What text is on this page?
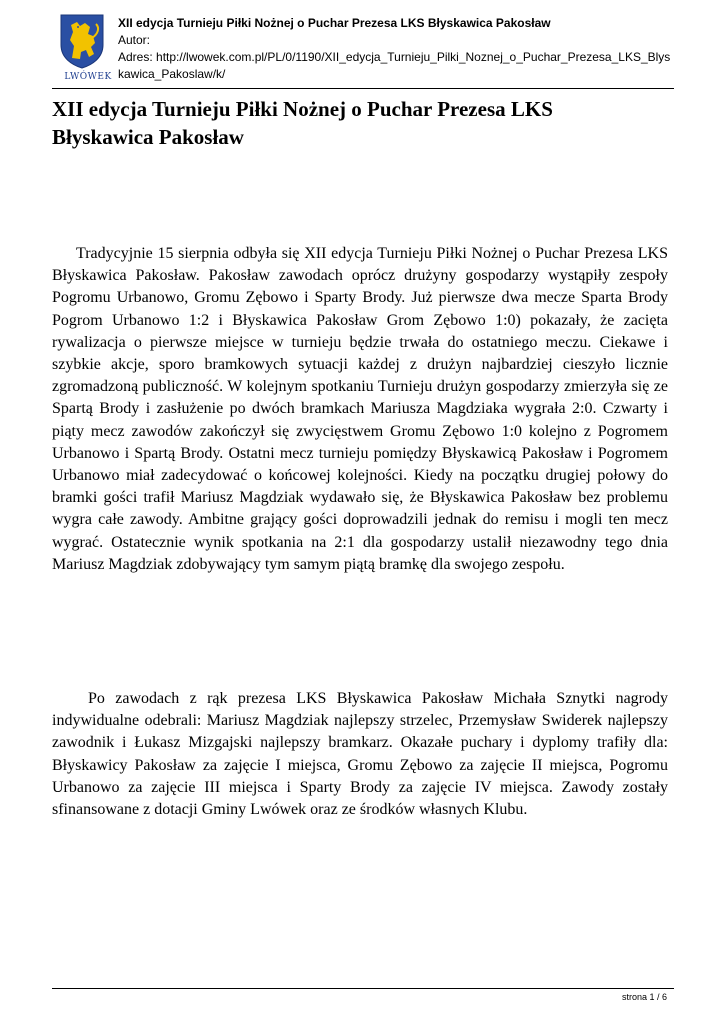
LWÓWEK
XII edycja Turnieju Piłki Nożnej o Puchar Prezesa LKS Błyskawica Pakosław
Autor:
Adres: http://lwowek.com.pl/PL/0/1190/XII_edycja_Turnieju_Pilki_Noznej_o_Puchar_Prezesa_LKS_Blyskawica_Pakoslaw/k/
XII edycja Turnieju Piłki Nożnej o Puchar Prezesa LKS Błyskawica Pakosław

Tradycyjnie 15 sierpnia odbyła się XII edycja Turnieju Piłki Nożnej o Puchar Prezesa LKS Błyskawica Pakosław. Pakosław zawodach oprócz drużyny gospodarzy wystąpiły zespoły Pogromu Urbanowo, Gromu Zębowo i Sparty Brody. Już pierwsze dwa mecze Sparta Brody Pogrom Urbanowo 1:2 i Błyskawica Pakosław Grom Zębowo 1:0) pokazały, że zacięta rywalizacja o pierwsze miejsce w turnieju będzie trwała do ostatniego meczu. Ciekawe i szybkie akcje, sporo bramkowych sytuacji każdej z drużyn najbardziej cieszyło licznie zgromadzoną publiczność. W kolejnym spotkaniu Turnieju drużyn gospodarzy zmierzyła się ze Spartą Brody i zasłużenie po dwóch bramkach Mariusza Magdziaka wygrała 2:0. Czwarty i piąty mecz zawodów zakończył się zwycięstwem Gromu Zębowo 1:0 kolejno z Pogromem Urbanowo i Spartą Brody. Ostatni mecz turnieju pomiędzy Błyskawicą Pakosław i Pogromem Urbanowo miał zadecydować o końcowej kolejności. Kiedy na początku drugiej połowy do bramki gości trafił Mariusz Magdziak wydawało się, że Błyskawica Pakosław bez problemu wygra całe zawody. Ambitne grający gości doprowadzili jednak do remisu i mogli ten mecz wygrać. Ostatecznie wynik spotkania na 2:1 dla gospodarzy ustalił niezawodny tego dnia Mariusz Magdziak zdobywający tym samym piątą bramkę dla swojego zespołu.

Po zawodach z rąk prezesa LKS Błyskawica Pakosław Michała Sznytki nagrody indywidualne odebrali: Mariusz Magdziak najlepszy strzelec, Przemysław Swiderek najlepszy zawodnik i Łukasz Mizgajski najlepszy bramkarz. Okazałe puchary i dyplomy trafiły dla: Błyskawicy Pakosław za zajęcie I miejsca, Gromu Zębowo za zajęcie II miejsca, Pogromu Urbanowo za zajęcie III miejsca i Sparty Brody za zajęcie IV miejsca. Zawody zostały sfinansowane z dotacji Gminy Lwówek oraz ze środków własnych Klubu.

strona 1 / 6
